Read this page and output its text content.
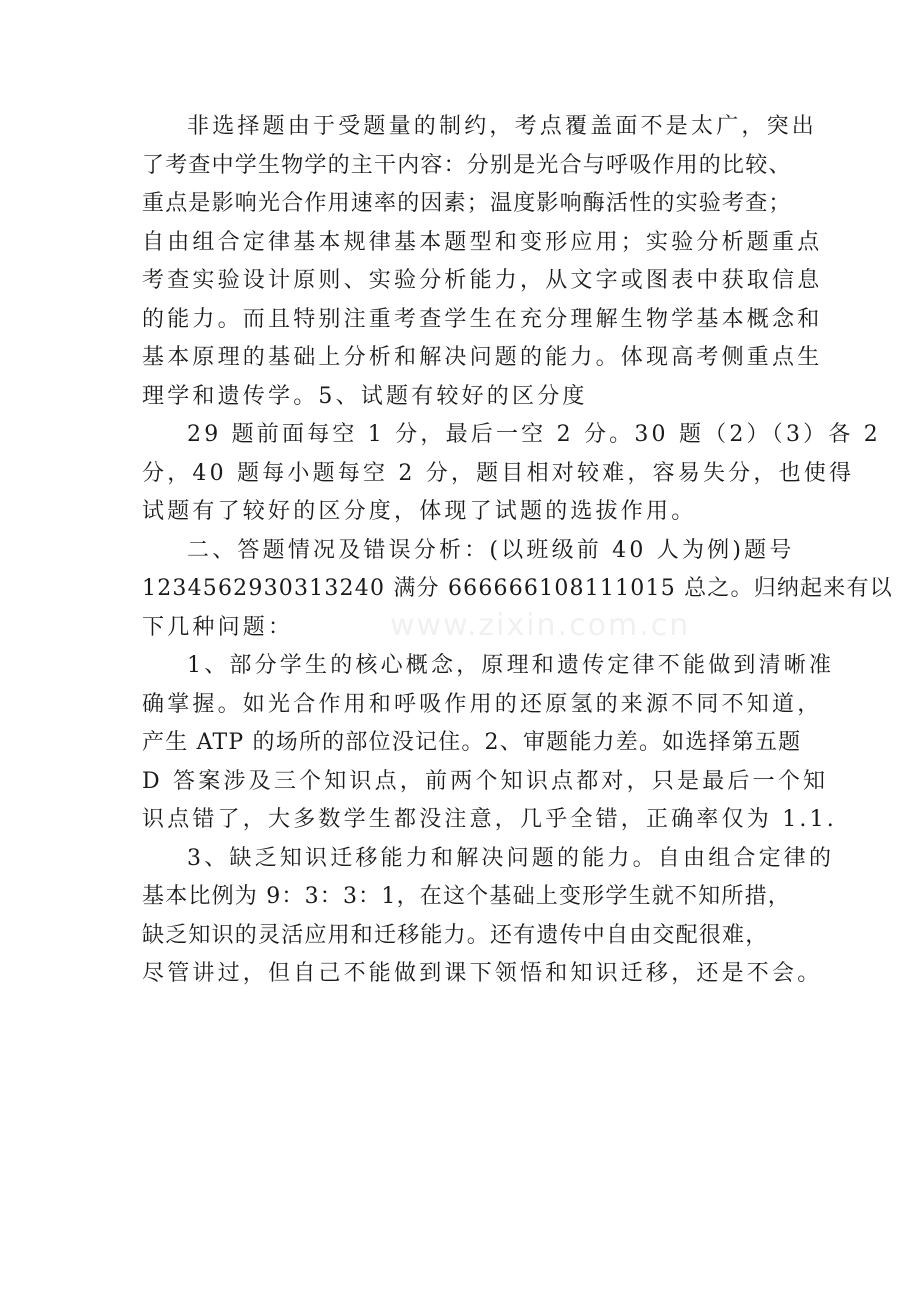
www.zixin.com.cn
非选择题由于受题量的制约，考点覆盖面不是太广，突出
了考查中学生物学的主干内容：分别是光合与呼吸作用的比较、
重点是影响光合作用速率的因素；温度影响酶活性的实验考查；
自由组合定律基本规律基本题型和变形应用；实验分析题重点
考查实验设计原则、实验分析能力，从文字或图表中获取信息
的能力。而且特别注重考查学生在充分理解生物学基本概念和
基本原理的基础上分析和解决问题的能力。体现高考侧重点生
理学和遗传学。5、试题有较好的区分度
29 题前面每空 1 分，最后一空 2 分。30 题（2）（3）各 2
分，40 题每小题每空 2 分，题目相对较难，容易失分，也使得
试题有了较好的区分度，体现了试题的选拔作用。
二、答题情况及错误分析：(以班级前 40 人为例)题号
1234562930313240 满分 666666108111015 总之。归纳起来有以
下几种问题：
1、部分学生的核心概念，原理和遗传定律不能做到清晰准
确掌握。如光合作用和呼吸作用的还原氢的来源不同不知道，
产生 ATP 的场所的部位没记住。2、审题能力差。如选择第五题
D 答案涉及三个知识点，前两个知识点都对，只是最后一个知
识点错了，大多数学生都没注意，几乎全错，正确率仅为 1.1.
3、缺乏知识迁移能力和解决问题的能力。自由组合定律的
基本比例为 9：3：3：1，在这个基础上变形学生就不知所措，
缺乏知识的灵活应用和迁移能力。还有遗传中自由交配很难，
尽管讲过，但自己不能做到课下领悟和知识迁移，还是不会。
